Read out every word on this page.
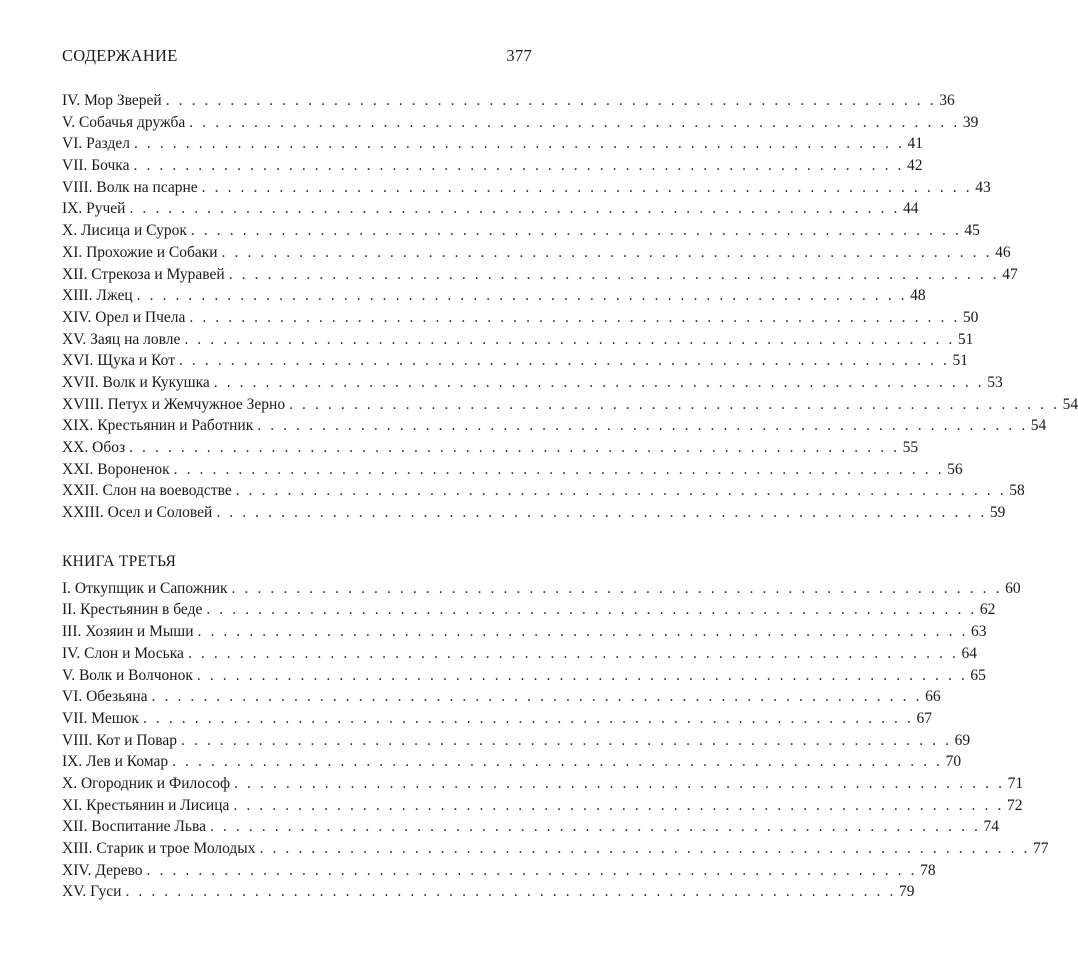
СОДЕРЖАНИЕ	377
IV. Мор Зверей . . . . . . . . . . . . . . . . . . . . . . . . . . . . . . . . . . . . . . . . . . . . . . . . . . . . . . . . . . . . 36
V. Собачья дружба . . . . . . . . . . . . . . . . . . . . . . . . . . . . . . . . . . . . . . . . . . . . . . . . . . . . . . . . . . . . 39
VI. Раздел . . . . . . . . . . . . . . . . . . . . . . . . . . . . . . . . . . . . . . . . . . . . . . . . . . . . . . . . . . . . 41
VII. Бочка . . . . . . . . . . . . . . . . . . . . . . . . . . . . . . . . . . . . . . . . . . . . . . . . . . . . . . . . . . . . 42
VIII. Волк на псарне . . . . . . . . . . . . . . . . . . . . . . . . . . . . . . . . . . . . . . . . . . . . . . . . . . . . . . . . . . . . 43
IX. Ручей . . . . . . . . . . . . . . . . . . . . . . . . . . . . . . . . . . . . . . . . . . . . . . . . . . . . . . . . . . . . 44
X. Лисица и Сурок . . . . . . . . . . . . . . . . . . . . . . . . . . . . . . . . . . . . . . . . . . . . . . . . . . . . . . . . . . . . 45
XI. Прохожие и Собаки . . . . . . . . . . . . . . . . . . . . . . . . . . . . . . . . . . . . . . . . . . . . . . . . . . . . . . . . . . . . 46
XII. Стрекоза и Муравей . . . . . . . . . . . . . . . . . . . . . . . . . . . . . . . . . . . . . . . . . . . . . . . . . . . . . . . . . . . . 47
XIII. Лжец . . . . . . . . . . . . . . . . . . . . . . . . . . . . . . . . . . . . . . . . . . . . . . . . . . . . . . . . . . . . 48
XIV. Орел и Пчела . . . . . . . . . . . . . . . . . . . . . . . . . . . . . . . . . . . . . . . . . . . . . . . . . . . . . . . . . . . . 50
XV. Заяц на ловле . . . . . . . . . . . . . . . . . . . . . . . . . . . . . . . . . . . . . . . . . . . . . . . . . . . . . . . . . . . . 51
XVI. Щука и Кот . . . . . . . . . . . . . . . . . . . . . . . . . . . . . . . . . . . . . . . . . . . . . . . . . . . . . . . . . . . . 51
XVII. Волк и Кукушка . . . . . . . . . . . . . . . . . . . . . . . . . . . . . . . . . . . . . . . . . . . . . . . . . . . . . . . . . . . . 53
XVIII. Петух и Жемчужное Зерно . . . . . . . . . . . . . . . . . . . . . . . . . . . . . . . . . . . . . . . . . . . . . . . . . . . . . . . . . . . . 54
XIX. Крестьянин и Работник . . . . . . . . . . . . . . . . . . . . . . . . . . . . . . . . . . . . . . . . . . . . . . . . . . . . . . . . . . . . 54
XX. Обоз . . . . . . . . . . . . . . . . . . . . . . . . . . . . . . . . . . . . . . . . . . . . . . . . . . . . . . . . . . . . 55
XXI. Вороненок . . . . . . . . . . . . . . . . . . . . . . . . . . . . . . . . . . . . . . . . . . . . . . . . . . . . . . . . . . . . 56
XXII. Слон на воеводстве . . . . . . . . . . . . . . . . . . . . . . . . . . . . . . . . . . . . . . . . . . . . . . . . . . . . . . . . . . . . 58
XXIII. Осел и Соловей . . . . . . . . . . . . . . . . . . . . . . . . . . . . . . . . . . . . . . . . . . . . . . . . . . . . . . . . . . . . 59
КНИГА ТРЕТЬЯ
I. Откупщик и Сапожник . . . . . . . . . . . . . . . . . . . . . . . . . . . . . . . . . . . . . . . . . . . . . . . . . . . . . . . . . . . . 60
II. Крестьянин в беде . . . . . . . . . . . . . . . . . . . . . . . . . . . . . . . . . . . . . . . . . . . . . . . . . . . . . . . . . . . . 62
III. Хозяин и Мыши . . . . . . . . . . . . . . . . . . . . . . . . . . . . . . . . . . . . . . . . . . . . . . . . . . . . . . . . . . . . 63
IV. Слон и Моська . . . . . . . . . . . . . . . . . . . . . . . . . . . . . . . . . . . . . . . . . . . . . . . . . . . . . . . . . . . . 64
V. Волк и Волчонок . . . . . . . . . . . . . . . . . . . . . . . . . . . . . . . . . . . . . . . . . . . . . . . . . . . . . . . . . . . . 65
VI. Обезьяна . . . . . . . . . . . . . . . . . . . . . . . . . . . . . . . . . . . . . . . . . . . . . . . . . . . . . . . . . . . . 66
VII. Мешок . . . . . . . . . . . . . . . . . . . . . . . . . . . . . . . . . . . . . . . . . . . . . . . . . . . . . . . . . . . . 67
VIII. Кот и Повар . . . . . . . . . . . . . . . . . . . . . . . . . . . . . . . . . . . . . . . . . . . . . . . . . . . . . . . . . . . . 69
IX. Лев и Комар . . . . . . . . . . . . . . . . . . . . . . . . . . . . . . . . . . . . . . . . . . . . . . . . . . . . . . . . . . . . 70
X. Огородник и Философ . . . . . . . . . . . . . . . . . . . . . . . . . . . . . . . . . . . . . . . . . . . . . . . . . . . . . . . . . . . . 71
XI. Крестьянин и Лисица . . . . . . . . . . . . . . . . . . . . . . . . . . . . . . . . . . . . . . . . . . . . . . . . . . . . . . . . . . . . 72
XII. Воспитание Льва . . . . . . . . . . . . . . . . . . . . . . . . . . . . . . . . . . . . . . . . . . . . . . . . . . . . . . . . . . . . 74
XIII. Старик и трое Молодых . . . . . . . . . . . . . . . . . . . . . . . . . . . . . . . . . . . . . . . . . . . . . . . . . . . . . . . . . . . . 77
XIV. Дерево . . . . . . . . . . . . . . . . . . . . . . . . . . . . . . . . . . . . . . . . . . . . . . . . . . . . . . . . . . . . 78
XV. Гуси . . . . . . . . . . . . . . . . . . . . . . . . . . . . . . . . . . . . . . . . . . . . . . . . . . . . . . . . . . . . 79
